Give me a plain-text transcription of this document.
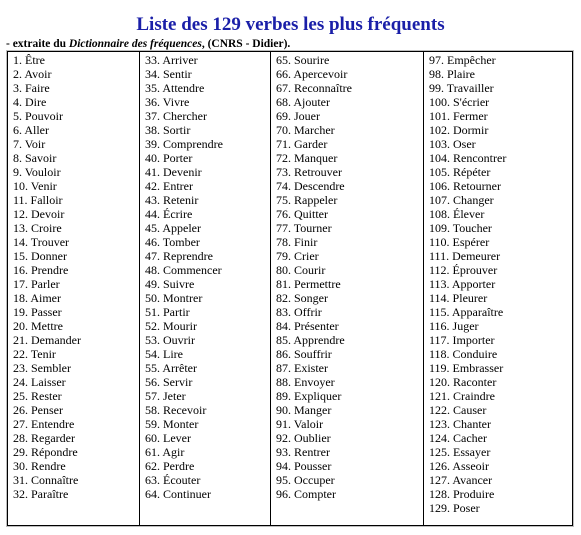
Liste des 129 verbes les plus fréquents
- extraite du Dictionnaire des fréquences, (CNRS - Didier).
1. Être
2. Avoir
3. Faire
4. Dire
5. Pouvoir
6. Aller
7. Voir
8. Savoir
9. Vouloir
10. Venir
11. Falloir
12. Devoir
13. Croire
14. Trouver
15. Donner
16. Prendre
17. Parler
18. Aimer
19. Passer
20. Mettre
21. Demander
22. Tenir
23. Sembler
24. Laisser
25. Rester
26. Penser
27. Entendre
28. Regarder
29. Répondre
30. Rendre
31. Connaître
32. Paraître
33. Arriver
34. Sentir
35. Attendre
36. Vivre
37. Chercher
38. Sortir
39. Comprendre
40. Porter
41. Devenir
42. Entrer
43. Retenir
44. Écrire
45. Appeler
46. Tomber
47. Reprendre
48. Commencer
49. Suivre
50. Montrer
51. Partir
52. Mourir
53. Ouvrir
54. Lire
55. Arrêter
56. Servir
57. Jeter
58. Recevoir
59. Monter
60. Lever
61. Agir
62. Perdre
63. Écouter
64. Continuer
65. Sourire
66. Apercevoir
67. Reconnaître
68. Ajouter
69. Jouer
70. Marcher
71. Garder
72. Manquer
73. Retrouver
74. Descendre
75. Rappeler
76. Quitter
77. Tourner
78. Finir
79. Crier
80. Courir
81. Permettre
82. Songer
83. Offrir
84. Présenter
85. Apprendre
86. Souffrir
87. Exister
88. Envoyer
89. Expliquer
90. Manger
91. Valoir
92. Oublier
93. Rentrer
94. Pousser
95. Occuper
96. Compter
97. Empêcher
98. Plaire
99. Travailler
100. S'écrier
101. Fermer
102. Dormir
103. Oser
104. Rencontrer
105. Répéter
106. Retourner
107. Changer
108. Élever
109. Toucher
110. Espérer
111. Demeurer
112. Éprouver
113. Apporter
114. Pleurer
115. Apparaître
116. Juger
117. Importer
118. Conduire
119. Embrasser
120. Raconter
121. Craindre
122. Causer
123. Chanter
124. Cacher
125. Essayer
126. Asseoir
127. Avancer
128. Produire
129. Poser
